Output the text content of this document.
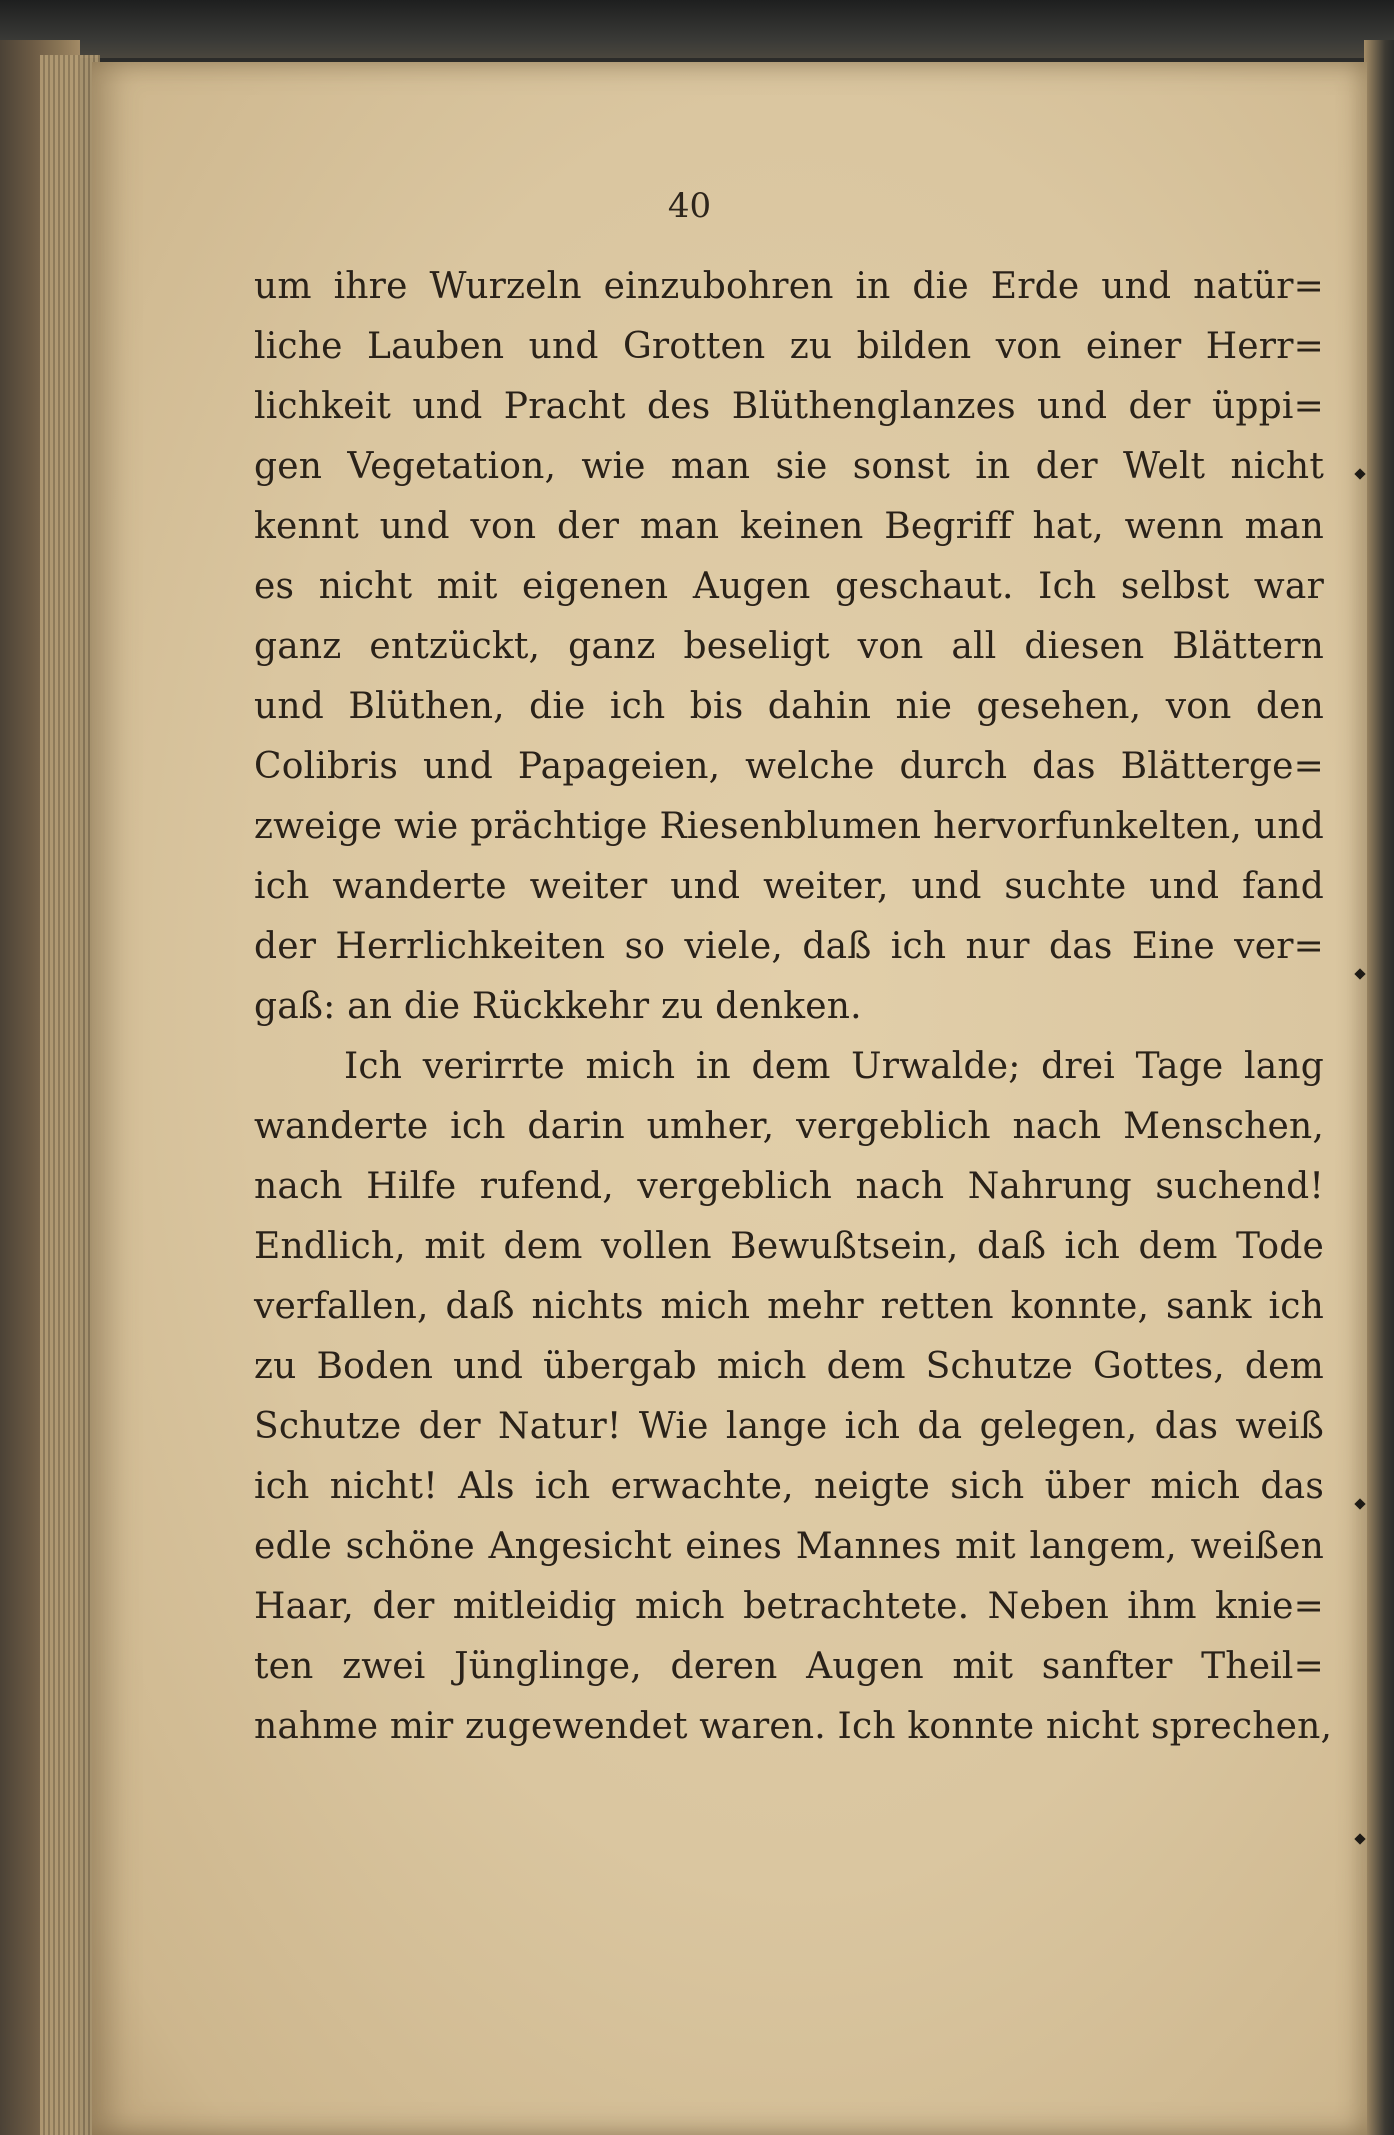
40
um ihre Wurzeln einzubohren in die Erde und natür=
liche Lauben und Grotten zu bilden von einer Herr=
lichkeit und Pracht des Blüthenglanzes und der üppi=
gen Vegetation, wie man sie sonst in der Welt nicht
kennt und von der man keinen Begriff hat, wenn man
es nicht mit eigenen Augen geschaut. Ich selbst war
ganz entzückt, ganz beseligt von all diesen Blättern
und Blüthen, die ich bis dahin nie gesehen, von den
Colibris und Papageien, welche durch das Blätterge=
zweige wie prächtige Riesenblumen hervorfunkelten, und
ich wanderte weiter und weiter, und suchte und fand
der Herrlichkeiten so viele, daß ich nur das Eine ver=
gaß: an die Rückkehr zu denken.
Ich verirrte mich in dem Urwalde; drei Tage lang
wanderte ich darin umher, vergeblich nach Menschen,
nach Hilfe rufend, vergeblich nach Nahrung suchend!
Endlich, mit dem vollen Bewußtsein, daß ich dem Tode
verfallen, daß nichts mich mehr retten konnte, sank ich
zu Boden und übergab mich dem Schutze Gottes, dem
Schutze der Natur! Wie lange ich da gelegen, das weiß
ich nicht! Als ich erwachte, neigte sich über mich das
edle schöne Angesicht eines Mannes mit langem, weißen
Haar, der mitleidig mich betrachtete. Neben ihm knie=
ten zwei Jünglinge, deren Augen mit sanfter Theil=
nahme mir zugewendet waren. Ich konnte nicht sprechen,
